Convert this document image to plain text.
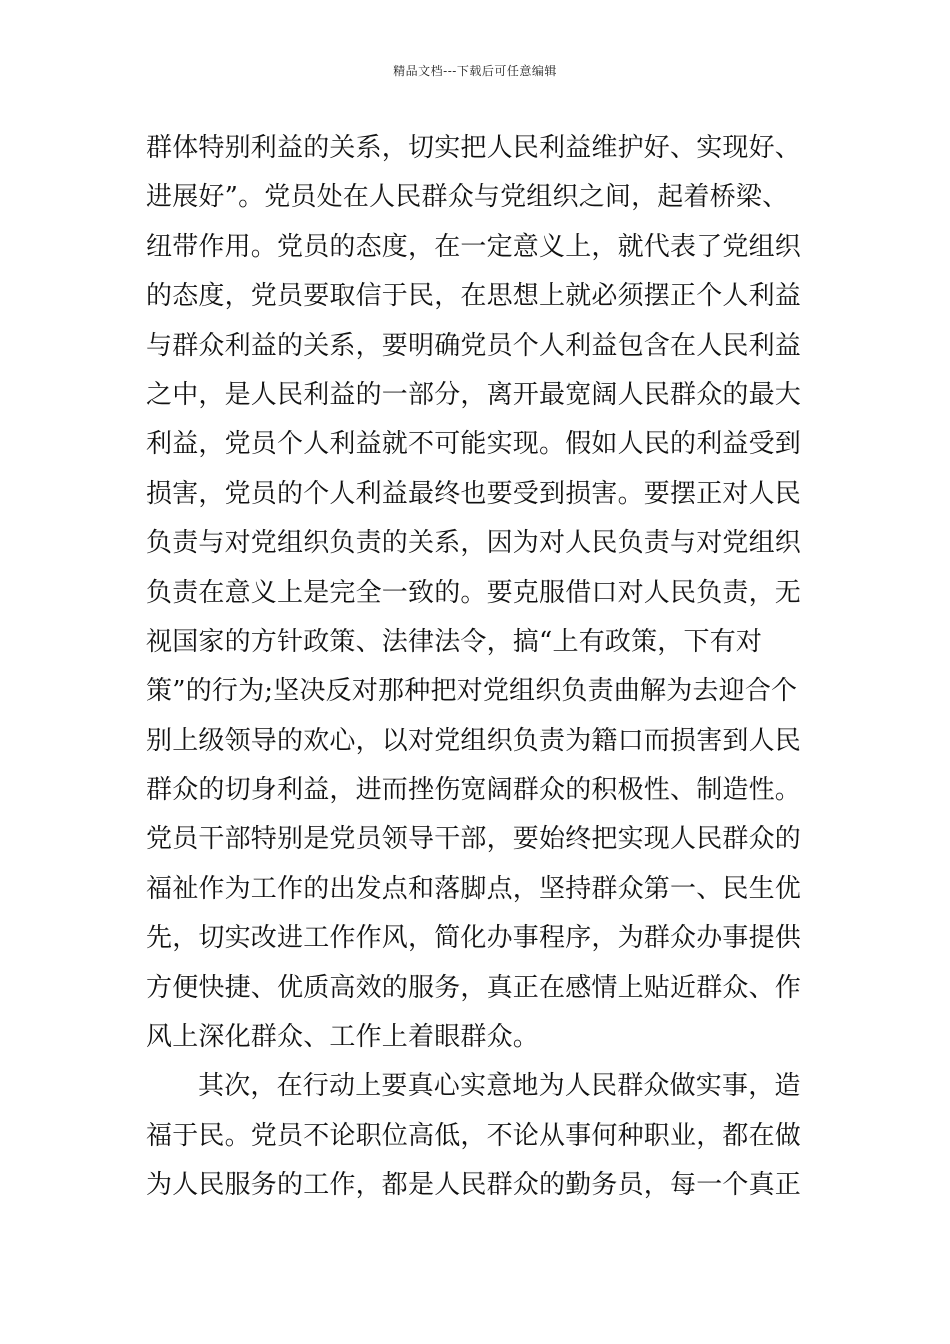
精品文档---下载后可任意编辑
群体特别利益的关系，切实把人民利益维护好、实现好、
进展好”。党员处在人民群众与党组织之间，起着桥梁、
纽带作用。党员的态度，在一定意义上，就代表了党组织
的态度，党员要取信于民，在思想上就必须摆正个人利益
与群众利益的关系，要明确党员个人利益包含在人民利益
之中，是人民利益的一部分，离开最宽阔人民群众的最大
利益，党员个人利益就不可能实现。假如人民的利益受到
损害，党员的个人利益最终也要受到损害。要摆正对人民
负责与对党组织负责的关系，因为对人民负责与对党组织
负责在意义上是完全一致的。要克服借口对人民负责，无
视国家的方针政策、法律法令，搞“上有政策，下有对
策”的行为;坚决反对那种把对党组织负责曲解为去迎合个
别上级领导的欢心，以对党组织负责为籍口而损害到人民
群众的切身利益，进而挫伤宽阔群众的积极性、制造性。
党员干部特别是党员领导干部，要始终把实现人民群众的
福祉作为工作的出发点和落脚点，坚持群众第一、民生优
先，切实改进工作作风，简化办事程序，为群众办事提供
方便快捷、优质高效的服务，真正在感情上贴近群众、作
风上深化群众、工作上着眼群众。
其次，在行动上要真心实意地为人民群众做实事，造
福于民。党员不论职位高低，不论从事何种职业，都在做
为人民服务的工作，都是人民群众的勤务员，每一个真正
